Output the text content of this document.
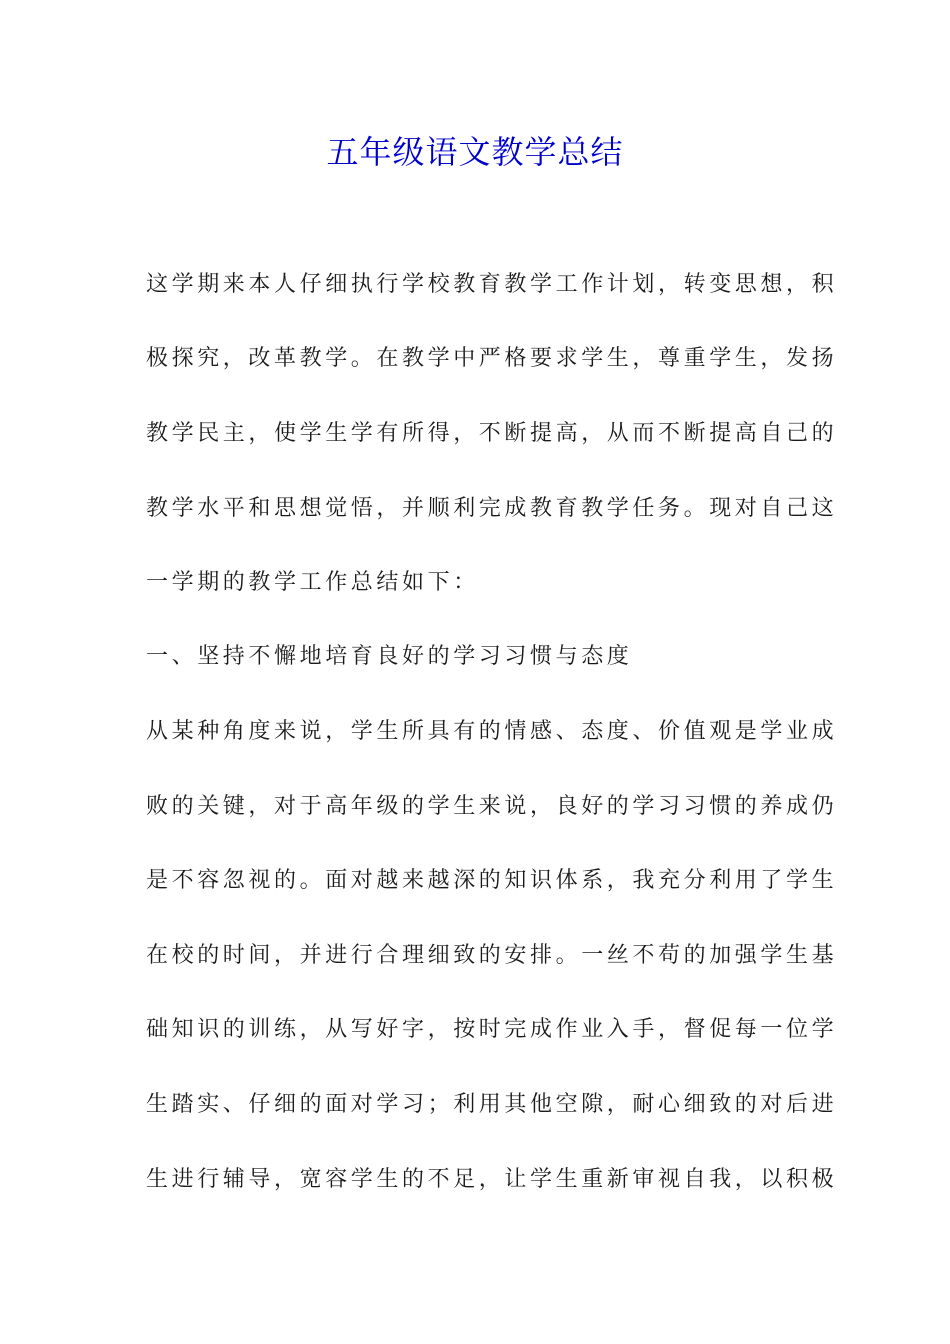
五年级语文教学总结
这学期来本人仔细执行学校教育教学工作计划，转变思想，积
极探究，改革教学。在教学中严格要求学生，尊重学生，发扬
教学民主，使学生学有所得，不断提高，从而不断提高自己的
教学水平和思想觉悟，并顺利完成教育教学任务。现对自己这
一学期的教学工作总结如下：
一、坚持不懈地培育良好的学习习惯与态度
从某种角度来说，学生所具有的情感、态度、价值观是学业成
败的关键，对于高年级的学生来说，良好的学习习惯的养成仍
是不容忽视的。面对越来越深的知识体系，我充分利用了学生
在校的时间，并进行合理细致的安排。一丝不苟的加强学生基
础知识的训练，从写好字，按时完成作业入手，督促每一位学
生踏实、仔细的面对学习；利用其他空隙，耐心细致的对后进
生进行辅导，宽容学生的不足，让学生重新审视自我，以积极
